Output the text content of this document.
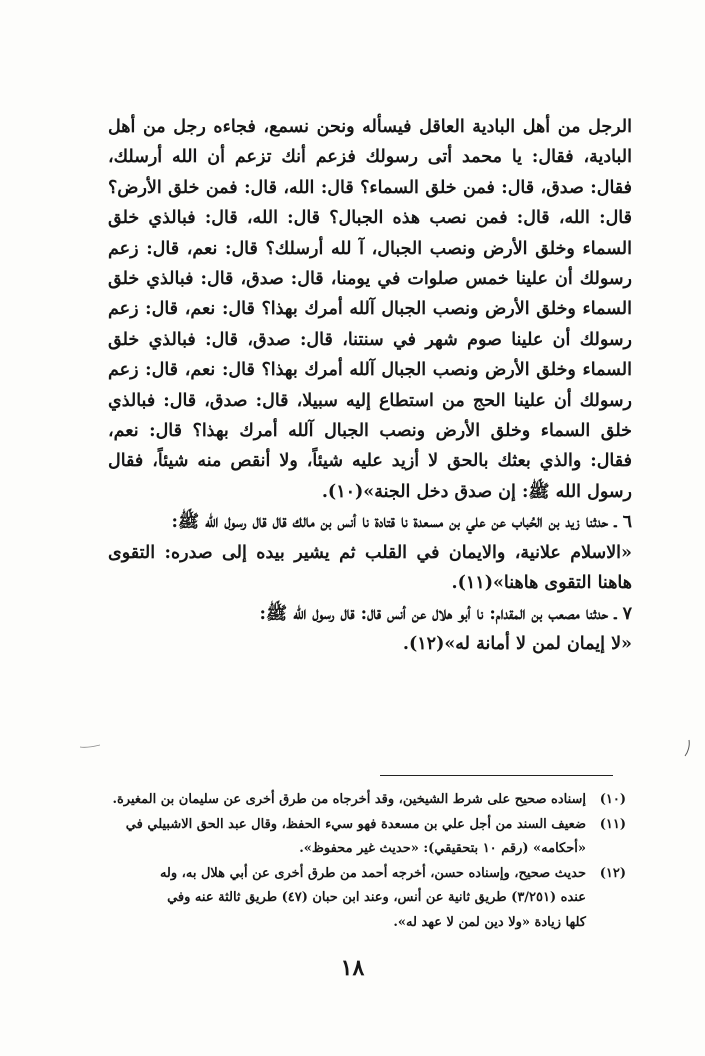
الرجل من أهل البادية العاقل فيسأله ونحن نسمع، فجاءه رجل من أهل البادية، فقال: يا محمد أتى رسولك فزعم أنك تزعم أن الله أرسلك، فقال: صدق، قال: فمن خلق السماء؟ قال: الله، قال: فمن خلق الأرض؟ قال: الله، قال: فمن نصب هذه الجبال؟ قال: الله، قال: فبالذي خلق السماء وخلق الأرض ونصب الجبال، آ لله أرسلك؟ قال: نعم، قال: زعم رسولك أن علينا خمس صلوات في يومنا، قال: صدق، قال: فبالذي خلق السماء وخلق الأرض ونصب الجبال آلله أمرك بهذا؟ قال: نعم، قال: زعم رسولك أن علينا صوم شهر في سنتنا، قال: صدق، قال: فبالذي خلق السماء وخلق الأرض ونصب الجبال آلله أمرك بهذا؟ قال: نعم، قال: زعم رسولك أن علينا الحج من استطاع إليه سبيلا، قال: صدق، قال: فبالذي خلق السماء وخلق الأرض ونصب الجبال آلله أمرك بهذا؟ قال: نعم، فقال: والذي بعثك بالحق لا أزيد عليه شيئاً، ولا أنقص منه شيئاً، فقال رسول الله ﷺ: إن صدق دخل الجنة»(١٠).

٦ ـ حدثنا زيد بن الحُباب عن علي بن مسعدة نا قتادة نا أنس بن مالك قال قال رسول الله ﷺ:

«الاسلام علانية، والايمان في القلب ثم يشير بيده إلى صدره: التقوى هاهنا التقوى هاهنا»(١١).

٧ ـ حدثنا مصعب بن المقدام: نا أبو هلال عن أنس قال: قال رسول الله ﷺ:

«لا إيمان لمن لا أمانة له»(١٢).

(١٠)
إسناده صحيح على شرط الشيخين، وقد أخرجاه من طرق أخرى عن سليمان بن المغيرة.
(١١)
ضعيف السند من أجل علي بن مسعدة فهو سيء الحفظ، وقال عبد الحق الاشبيلي في
«أحكامه» (رقم ١٠ بتحقيقي): «حديث غير محفوظ».
(١٢)
حديث صحيح، وإسناده حسن، أخرجه أحمد من طرق أخرى عن أبي هلال به، وله
عنده (٣/٢٥١) طريق ثانية عن أنس، وعند ابن حبان (٤٧) طريق ثالثة عنه وفي
كلها زيادة «ولا دين لمن لا عهد له».
١٨
